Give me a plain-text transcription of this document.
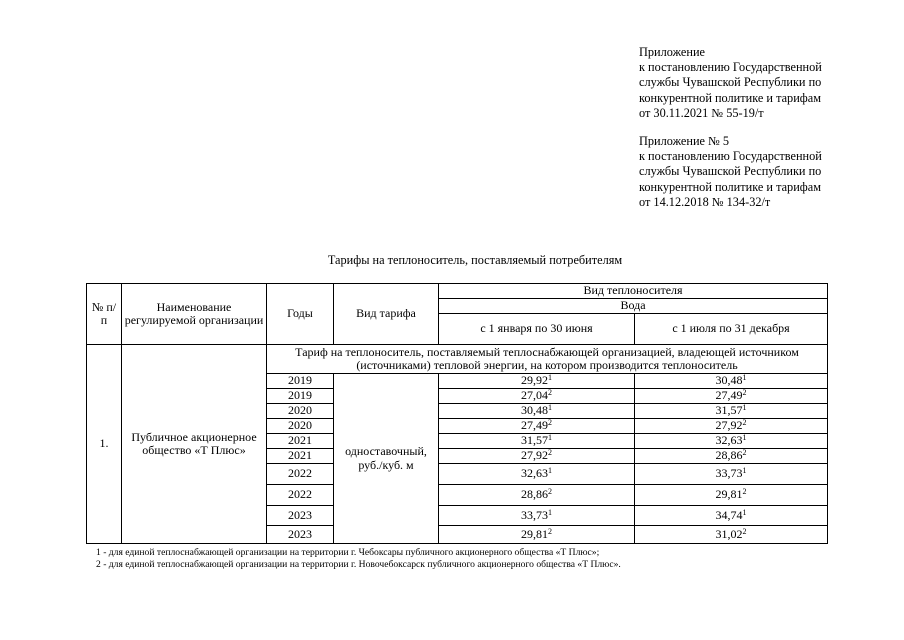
Приложение
к постановлению Государственной
службы Чувашской Республики по
конкурентной политике и тарифам
от 30.11.2021 № 55-19/т
Приложение № 5
к постановлению Государственной
службы Чувашской Республики по
конкурентной политике и тарифам
от 14.12.2018 № 134-32/т
Тарифы на теплоноситель, поставляемый потребителям
№ п/п	Наименование регулируемой организации	Годы	Вид тарифа	Вид теплоносителя	
				Вода	
				с 1 января по 30 июня	с 1 июля по 31 декабря
1.	Публичное акционерное общество «Т Плюс»	Тариф на теплоноситель, поставляемый теплоснабжающей организацией, владеющей источником (источниками) тепловой энергии, на котором производится теплоноситель			
		2019	одноставочный, руб./куб. м	29,92$^1$	30,48$^1$
		2019		27,04$^2$	27,49$^2$
		2020		30,48$^1$	31,57$^1$
		2020		27,49$^2$	27,92$^2$
		2021		31,57$^1$	32,63$^1$
		2021		27,92$^2$	28,86$^2$
		2022		32,63$^1$	33,73$^1$
		2022		28,86$^2$	29,81$^2$
		2023		33,73$^1$	34,74$^1$
		2023		29,81$^2$	31,02$^2$
1 - для единой теплоснабжающей организации на территории г. Чебоксары публичного акционерного общества «Т Плюс»;
2 - для единой теплоснабжающей организации на территории г. Новочебоксарск публичного акционерного общества «Т Плюс».
